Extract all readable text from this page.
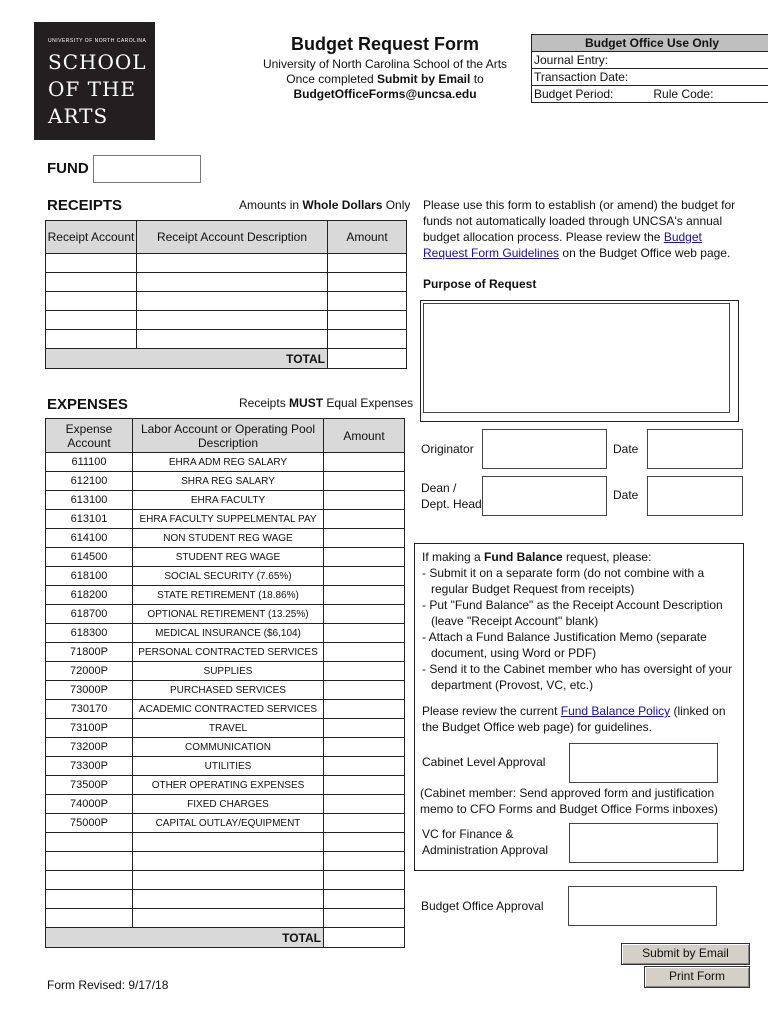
UNIVERSITY OF NORTH CAROLINA
SCHOOL
OF THE
ARTS
Budget Request Form
University of North Carolina School of the Arts
Once completed Submit by Email to
BudgetOfficeForms@uncsa.edu
Budget Office Use Only
Journal Entry:
Transaction Date:
Budget Period:	Rule Code:
FUND
RECEIPTS	Amounts in Whole Dollars Only
Receipt Account	Receipt Account Description	Amount

TOTAL		
EXPENSES	Receipts MUST Equal Expenses
Expense Account	Labor Account or Operating Pool Description	Amount
611100	EHRA ADM REG SALARY	
612100	SHRA REG SALARY	
613100	EHRA FACULTY	
613101	EHRA FACULTY SUPPELMENTAL PAY	
614100	NON STUDENT REG WAGE	
614500	STUDENT REG WAGE	
618100	SOCIAL SECURITY (7.65%)	
618200	STATE RETIREMENT (18.86%)	
618700	OPTIONAL RETIREMENT (13.25%)	
618300	MEDICAL INSURANCE ($6,104)	
71800P	PERSONAL CONTRACTED SERVICES	
72000P	SUPPLIES	
73000P	PURCHASED SERVICES	
730170	ACADEMIC CONTRACTED SERVICES	
73100P	TRAVEL	
73200P	COMMUNICATION	
73300P	UTILITIES	
73500P	OTHER OPERATING EXPENSES	
74000P	FIXED CHARGES	
75000P	CAPITAL OUTLAY/EQUIPMENT	

TOTAL		
Please use this form to establish (or amend) the budget for funds not automatically loaded through UNCSA's annual budget allocation process. Please review the Budget Request Form Guidelines on the Budget Office web page.
Purpose of Request
Originator	Date
Dean /
Dept. Head
Date
If making a Fund Balance request, please:
- Submit it on a separate form (do not combine with a
regular Budget Request from receipts)
- Put "Fund Balance" as the Receipt Account Description
(leave "Receipt Account" blank)
- Attach a Fund Balance Justification Memo (separate
document, using Word or PDF)
- Send it to the Cabinet member who has oversight of your
department (Provost, VC, etc.)
Please review the current Fund Balance Policy (linked on the Budget Office web page) for guidelines.
Cabinet Level Approval
(Cabinet member: Send approved form and justification memo to CFO Forms and Budget Office Forms inboxes)
VC for Finance &
Administration Approval
Budget Office Approval
Submit by Email
Print Form
Form Revised: 9/17/18
